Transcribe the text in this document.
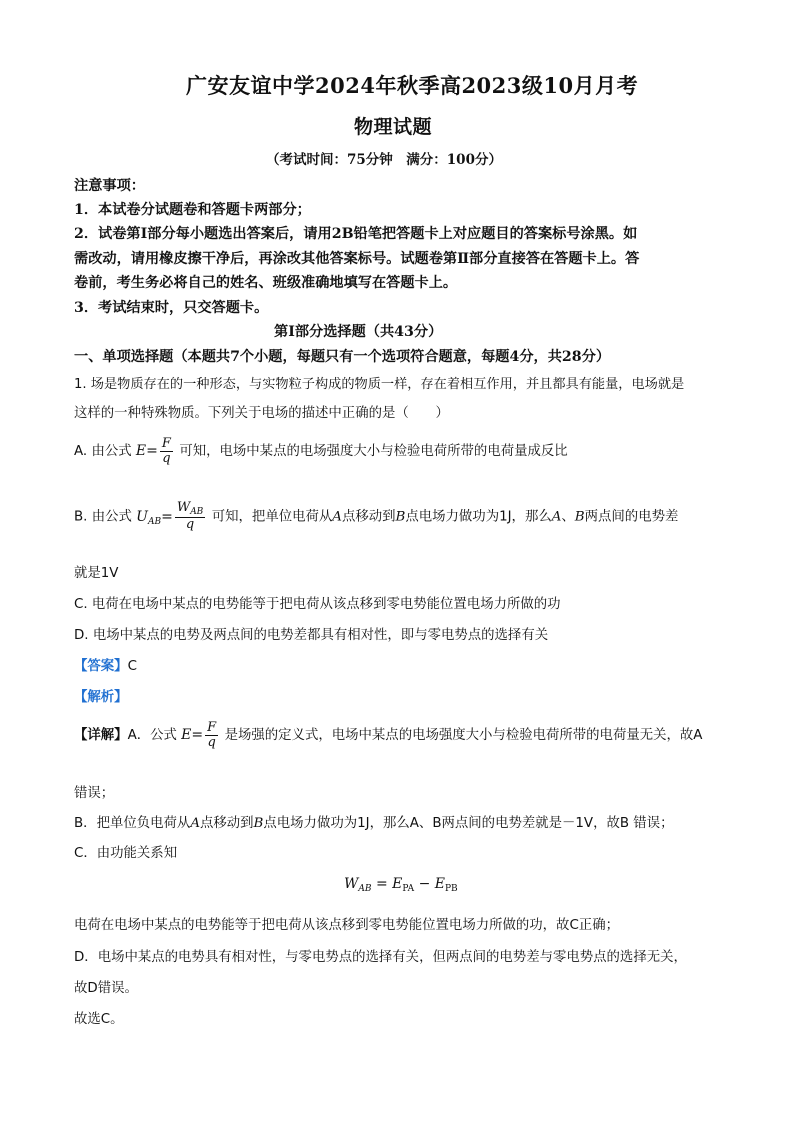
广安友谊中学2024年秋季高2023级10月月考
物理试题
（考试时间：75分钟　满分：100分）
注意事项：
1．本试卷分试题卷和答题卡两部分；
2．试卷第Ⅰ部分每小题选出答案后，请用2B铅笔把答题卡上对应题目的答案标号涂黑。如
需改动，请用橡皮擦干净后，再涂改其他答案标号。试题卷第Ⅱ部分直接答在答题卡上。答
卷前，考生务必将自己的姓名、班级准确地填写在答题卡上。
3．考试结束时，只交答题卡。
第Ⅰ部分选择题（共43分）
一、单项选择题（本题共7个小题，每题只有一个选项符合题意，每题4分，共28分）
1. 场是物质存在的一种形态，与实物粒子构成的物质一样，存在着相互作用，并且都具有能量，电场就是
这样的一种特殊物质。下列关于电场的描述中正确的是（　　）
A. 由公式 $E= \frac{F}{q}$ 可知，电场中某点的电场强度大小与检验电荷所带的电荷量成反比
B. 由公式 $U_{AB}= \frac{W_{AB}}{q}$ 可知，把单位电荷从A点移动到B点电场力做功为1J，那么A、B两点间的电势差
就是1V
C. 电荷在电场中某点的电势能等于把电荷从该点移到零电势能位置电场力所做的功
D. 电场中某点的电势及两点间的电势差都具有相对性，即与零电势点的选择有关
【答案】C
【解析】
【详解】A．公式 $E= \frac{F}{q}$ 是场强的定义式，电场中某点的电场强度大小与检验电荷所带的电荷量无关，故A
错误；
B．把单位负电荷从A点移动到B点电场力做功为1J，那么A、B两点间的电势差就是－1V，故B 错误；
C．由功能关系知
$W_{AB} = E_{PA} - E_{PB}$
电荷在电场中某点的电势能等于把电荷从该点移到零电势能位置电场力所做的功，故C正确；
D．电场中某点的电势具有相对性，与零电势点的选择有关，但两点间的电势差与零电势点的选择无关，
故D错误。
故选C。
